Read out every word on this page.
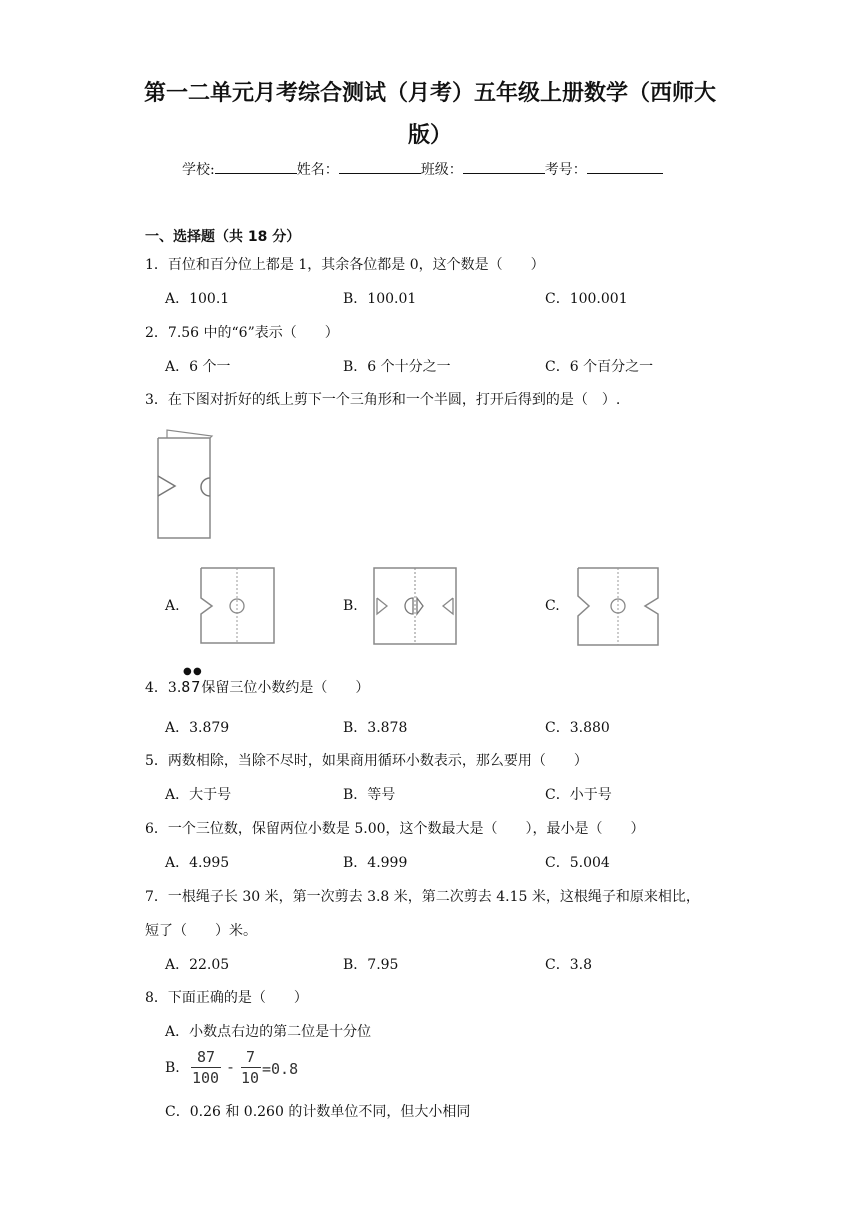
第一二单元月考综合测试（月考）五年级上册数学（西师大
版）
学校:	姓名：	班级：	考号：
一、选择题（共 18 分）
1．百位和百分位上都是 1，其余各位都是 0，这个数是（　　）
A．100.1	B．100.01	C．100.001
2．7.56 中的“6”表示（　　）
A．6 个一	B．6 个十分之一	C．6 个百分之一
3．在下图对折好的纸上剪下一个三角形和一个半圆，打开后得到的是（　）.
A.	B.	C.
4．3.87保留三位小数约是（　　）
● ●
A．3.879	B．3.878	C．3.880
5．两数相除，当除不尽时，如果商用循环小数表示，那么要用（　　）
A．大于号	B．等号	C．小于号
6．一个三位数，保留两位小数是 5.00，这个数最大是（　　），最小是（　　）
A．4.995	B．4.999	C．5.004
7．一根绳子长 30 米，第一次剪去 3.8 米，第二次剪去 4.15 米，这根绳子和原来相比，
短了（　　）米。
A．22.05	B．7.95	C．3.8
8．下面正确的是（　　）
A．小数点右边的第二位是十分位
B.
87
100
-
7
10 =0.8
C．0.26 和 0.260 的计数单位不同，但大小相同
